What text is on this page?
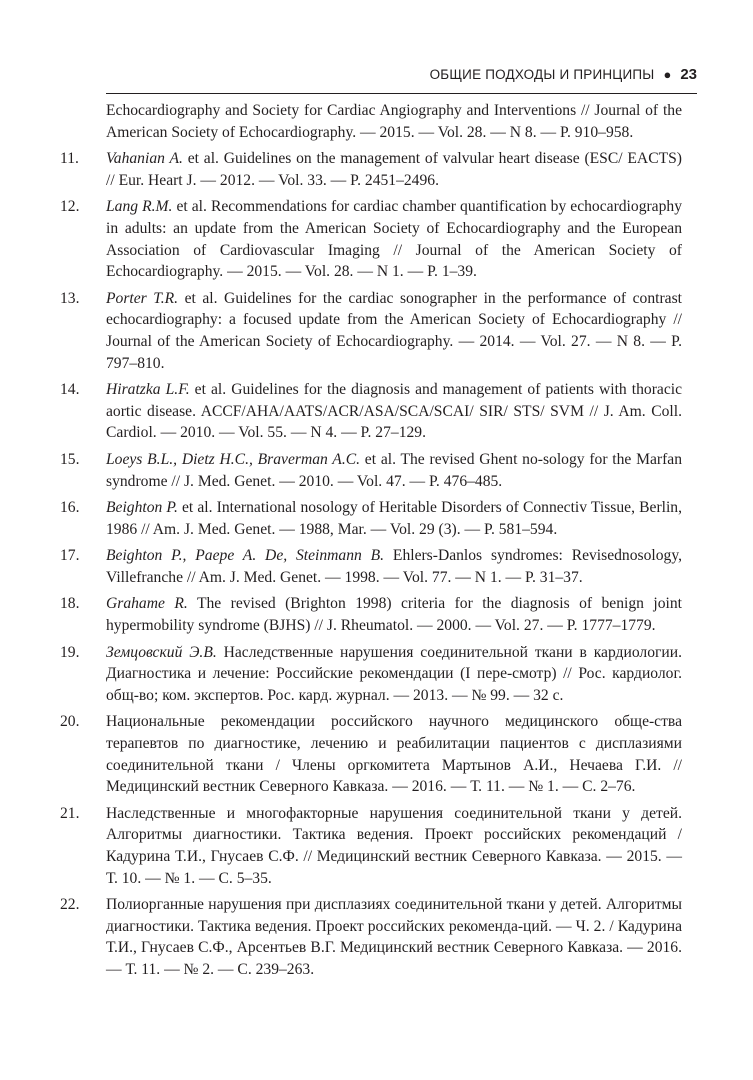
ОБЩИЕ ПОДХОДЫ И ПРИНЦИПЫ ● 23

Echocardiography and Society for Cardiac Angiography and Interventions // Journal of the American Society of Echocardiography. — 2015. — Vol. 28. — N 8. — P. 910–958.

11. Vahanian A. et al. Guidelines on the management of valvular heart disease (ESC/ EACTS) // Eur. Heart J. — 2012. — Vol. 33. — P. 2451–2496.

12. Lang R.M. et al. Recommendations for cardiac chamber quantification by echocardiography in adults: an update from the American Society of Echocardiography and the European Association of Cardiovascular Imaging // Journal of the American Society of Echocardiography. — 2015. — Vol. 28. — N 1. — P. 1–39.

13. Porter T.R. et al. Guidelines for the cardiac sonographer in the performance of contrast echocardiography: a focused update from the American Society of Echocardiography // Journal of the American Society of Echocardiography. — 2014. — Vol. 27. — N 8. — P. 797–810.

14. Hiratzka L.F. et al. Guidelines for the diagnosis and management of patients with thoracic aortic disease. ACCF/AHA/AATS/ACR/ASA/SCA/SCAI/ SIR/ STS/ SVM // J. Am. Coll. Cardiol. — 2010. — Vol. 55. — N 4. — P. 27–129.

15. Loeys B.L., Dietz H.C., Braverman A.C. et al. The revised Ghent no-sology for the Marfan syndrome // J. Med. Genet. — 2010. — Vol. 47. — P. 476–485.

16. Beighton P. et al. International nosology of Heritable Disorders of Connectiv Tissue, Berlin, 1986 // Am. J. Med. Genet. — 1988, Mar. — Vol. 29 (3). — P. 581–594.

17. Beighton P., Paepe A. De, Steinmann B. Ehlers-Danlos syndromes: Revisednosology, Villefranche // Am. J. Med. Genet. — 1998. — Vol. 77. — N 1. — P. 31–37.

18. Grahame R. The revised (Brighton 1998) criteria for the diagnosis of benign joint hypermobility syndrome (BJHS) // J. Rheumatol. — 2000. — Vol. 27. — P. 1777–1779.

19. Земцовский Э.В. Наследственные нарушения соединительной ткани в кардиологии. Диагностика и лечение: Российские рекомендации (I пере-смотр) // Рос. кардиолог. общ-во; ком. экспертов. Рос. кард. журнал. — 2013. — № 99. — 32 с.

20. Национальные рекомендации российского научного медицинского обще-ства терапевтов по диагностике, лечению и реабилитации пациентов с дисплазиями соединительной ткани / Члены оргкомитета Мартынов А.И., Нечаева Г.И. // Медицинский вестник Северного Кавказа. — 2016. — Т. 11. — № 1. — С. 2–76.

21. Наследственные и многофакторные нарушения соединительной ткани у детей. Алгоритмы диагностики. Тактика ведения. Проект российских рекомендаций / Кадурина Т.И., Гнусаев С.Ф. // Медицинский вестник Северного Кавказа. — 2015. — Т. 10. — № 1. — С. 5–35.

22. Полиорганные нарушения при дисплазиях соединительной ткани у детей. Алгоритмы диагностики. Тактика ведения. Проект российских рекоменда-ций. — Ч. 2. / Кадурина Т.И., Гнусаев С.Ф., Арсентьев В.Г. Медицинский вестник Северного Кавказа. — 2016. — Т. 11. — № 2. — С. 239–263.
